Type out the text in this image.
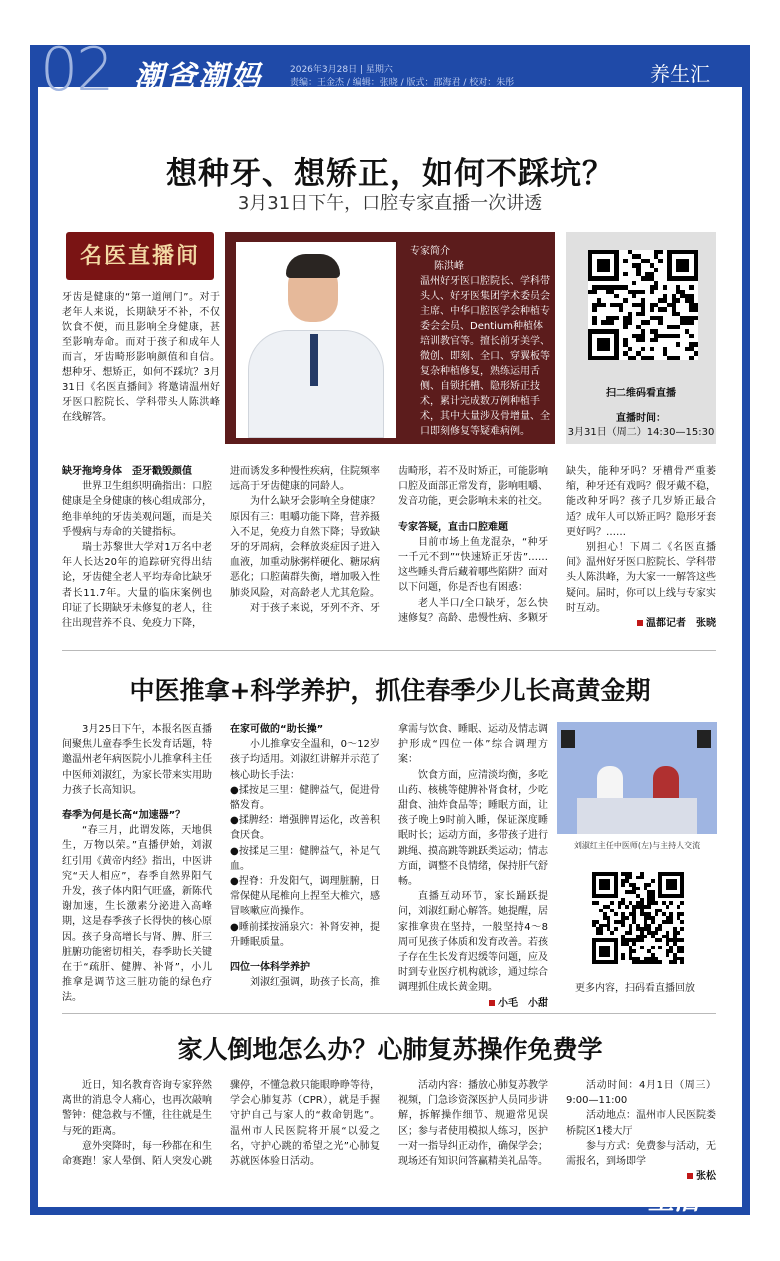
02 潮爸潮妈	2026年3月28日 | 星期六
责编：王金杰 / 编辑：张晓 / 版式：邵海君 / 校对：朱彤	养生汇
想种牙、想矫正，如何不踩坑？
3月31日下午，口腔专家直播一次讲透
名医直播间
牙齿是健康的“第一道闸门”。对于老年人来说，长期缺牙不补，不仅饮食不便，而且影响全身健康，甚至影响寿命。而对于孩子和成年人而言，牙齿畸形影响颜值和自信。想种牙、想矫正，如何不踩坑？3月31日《名医直播间》将邀请温州好牙医口腔院长、学科带头人陈洪峰在线解答。
专家简介
陈洪峰
温州好牙医口腔院长、学科带头人、好牙医集团学术委员会主席、中华口腔医学会种植专委会会员、Dentium种植体培训教官等。擅长前牙美学、微创、即刻、全口、穿翼板等复杂种植修复，熟练运用舌侧、自锁托槽、隐形矫正技术，累计完成数万例种植手术，其中大量涉及骨增量、全口即刻修复等疑难病例。
扫二维码看直播
直播时间：
3月31日（周二）14:30—15:30
缺牙拖垮身体　歪牙戳毁颜值
世界卫生组织明确指出：口腔健康是全身健康的核心组成部分，绝非单纯的牙齿美观问题，而是关乎慢病与寿命的关键指标。
瑞士苏黎世大学对1万名中老年人长达20年的追踪研究得出结论，牙齿健全老人平均寿命比缺牙者长11.7年。大量的临床案例也印证了长期缺牙未修复的老人，往往出现营养不良、免疫力下降，
进而诱发多种慢性疾病，住院频率远高于牙齿健康的同龄人。
为什么缺牙会影响全身健康？原因有三：咀嚼功能下降，营养摄入不足，免疫力自然下降；导致缺牙的牙周病，会释放炎症因子进入血液，加重动脉粥样硬化、糖尿病恶化；口腔菌群失衡，增加吸入性肺炎风险，对高龄老人尤其危险。
对于孩子来说，牙列不齐、牙
齿畸形，若不及时矫正，可能影响口腔及面部正常发育，影响咀嚼、发音功能，更会影响未来的社交。
专家答疑，直击口腔难题
目前市场上鱼龙混杂，“种牙一千元不到”“快速矫正牙齿”……这些睡头背后藏着哪些陷阱？面对以下问题，你是否也有困惑：
老人半口/全口缺牙，怎么快速修复？高龄、患慢性病、多颗牙
缺失，能种牙吗？牙槽骨严重萎缩，种牙还有戏吗？假牙戴不稳，能改种牙吗？孩子几岁矫正最合适？成年人可以矫正吗？隐形牙套更好吗？……
别担心！下周二《名医直播间》温州好牙医口腔院长、学科带头人陈洪峰，为大家一一解答这些疑问。届时，你可以上线与专家实时互动。
温都记者　张晓
中医推拿+科学养护，抓住春季少儿长高黄金期
3月25日下午，本报名医直播间聚焦儿童春季生长发育话题，特邀温州老年病医院小儿推拿科主任中医师刘淑红，为家长带来实用助力孩子长高知识。
春季为何是长高“加速器”？
“春三月，此谓发陈，天地俱生，万物以荣。”直播伊始，刘淑红引用《黄帝内经》指出，中医讲究“天人相应”，春季自然界阳气升发，孩子体内阳气旺盛，新陈代谢加速，生长激素分泌进入高峰期，这是春季孩子长得快的核心原因。孩子身高增长与肾、脾、肝三脏腑功能密切相关，春季助长关键在于“疏肝、健脾、补肾”，小儿推拿是调节这三脏功能的绿色疗法。
在家可做的“助长操”
小儿推拿安全温和，0～12岁孩子均适用。刘淑红讲解并示范了核心助长手法：
●揉按足三里：健脾益气，促进骨骼发育。
●揉脾经：增强脾胃运化，改善积食厌食。
●按揉足三里：健脾益气，补足气血。
●捏脊：升发阳气，调理脏腑，日常保健从尾椎向上捏至大椎穴，感冒咳嗽应尚操作。
●睡前揉按涌泉穴：补肾安神，提升睡眠质量。
四位一体科学养护
刘淑红强调，助孩子长高，推
拿需与饮食、睡眠、运动及情志调护形成“四位一体”综合调理方案：
饮食方面，应清淡均衡，多吃山药、核桃等健脾补肾食材，少吃甜食、油炸食品等；睡眠方面，让孩子晚上9时前入睡，保证深度睡眠时长；运动方面，多带孩子进行跳绳、摸高跳等跳跃类运动；情志方面，调整不良情绪，保持肝气舒畅。
直播互动环节，家长踊跃提问，刘淑红耐心解答。她提醒，居家推拿贵在坚持，一般坚持4～8周可见孩子体质和发育改善。若孩子存在生长发育迟缓等问题，应及时到专业医疗机构就诊，通过综合调理抓住成长黄金期。
小毛　小甜
刘淑红主任中医师(左)与主持人交流
更多内容，扫码看直播回放
家人倒地怎么办？心肺复苏操作免费学
近日，知名教育咨询专家猝然离世的消息令人痛心，也再次敲响警钟：健急救与不懂，往往就是生与死的距离。
意外突降时，每一秒都在和生命赛跑！家人晕倒、陌人突发心跳
骤停，不懂急救只能眼睁睁等待，学会心肺复苏（CPR），就是手握守护自己与家人的“救命钥匙”。温州市人民医院将开展“以爱之名，守护心跳的希望之光”心肺复苏就医体验日活动。
活动内容：播放心肺复苏教学视频，门急诊资深医护人员同步讲解，拆解操作细节、规避常见误区；参与者使用模拟人练习，医护一对一指导纠正动作，确保学会；现场还有知识问答赢精美礼品等。
活动时间：4月1日（周三）9:00—11:00
活动地点：温州市人民医院娄桥院区1楼大厅
参与方式：免费参与活动，无需报名，到场即学
张松
生活 周刊
